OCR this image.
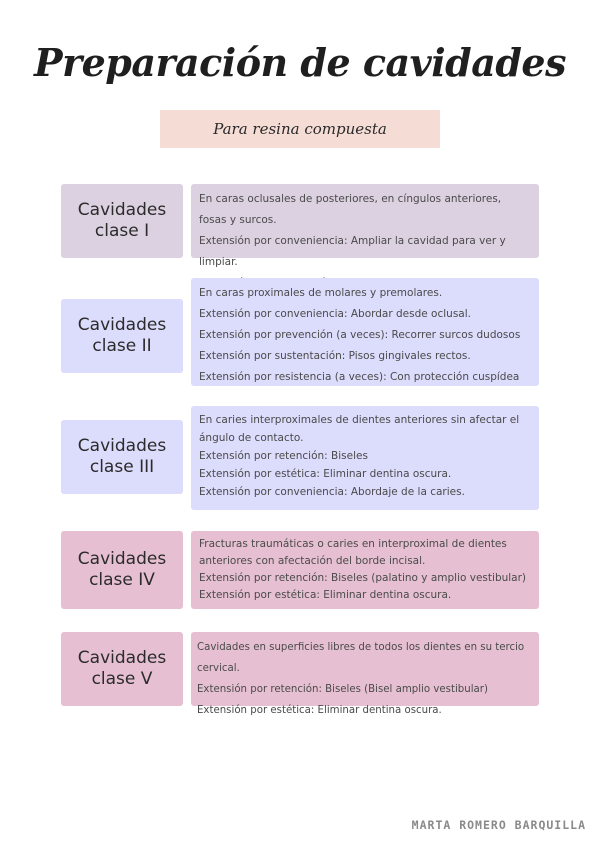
Preparación de cavidades
Para resina compuesta
Cavidades
clase I
En caras oclusales de posteriores, en cíngulos anteriores, fosas y surcos.
Extensión por conveniencia: Ampliar la cavidad para ver y limpiar.
Cavidades
clase II
En caras proximales de molares y premolares.
Extensión por conveniencia: Abordar desde oclusal.
Extensión por prevención (a veces): Recorrer surcos dudosos
Extensión por sustentación: Pisos gingivales rectos.
Extensión por resistencia (a veces): Con protección cuspídea
Cavidades
clase III
En caries interproximales de dientes anteriores sin afectar el ángulo de contacto.
Extensión por retención: Biseles
Extensión por estética: Eliminar dentina oscura.
Extensión por conveniencia: Abordaje de la caries.
Cavidades
clase IV
Fracturas traumáticas o caries en interproximal de dientes anteriores con afectación del borde incisal.
Extensión por retención: Biseles (palatino y amplio vestibular)
Extensión por estética: Eliminar dentina oscura.
Cavidades
clase V
Cavidades en superficies libres de todos los dientes en su tercio cervical.
Extensión por retención: Biseles (Bisel amplio vestibular)
Extensión por estética: Eliminar dentina oscura.
MARTA ROMERO BARQUILLA
